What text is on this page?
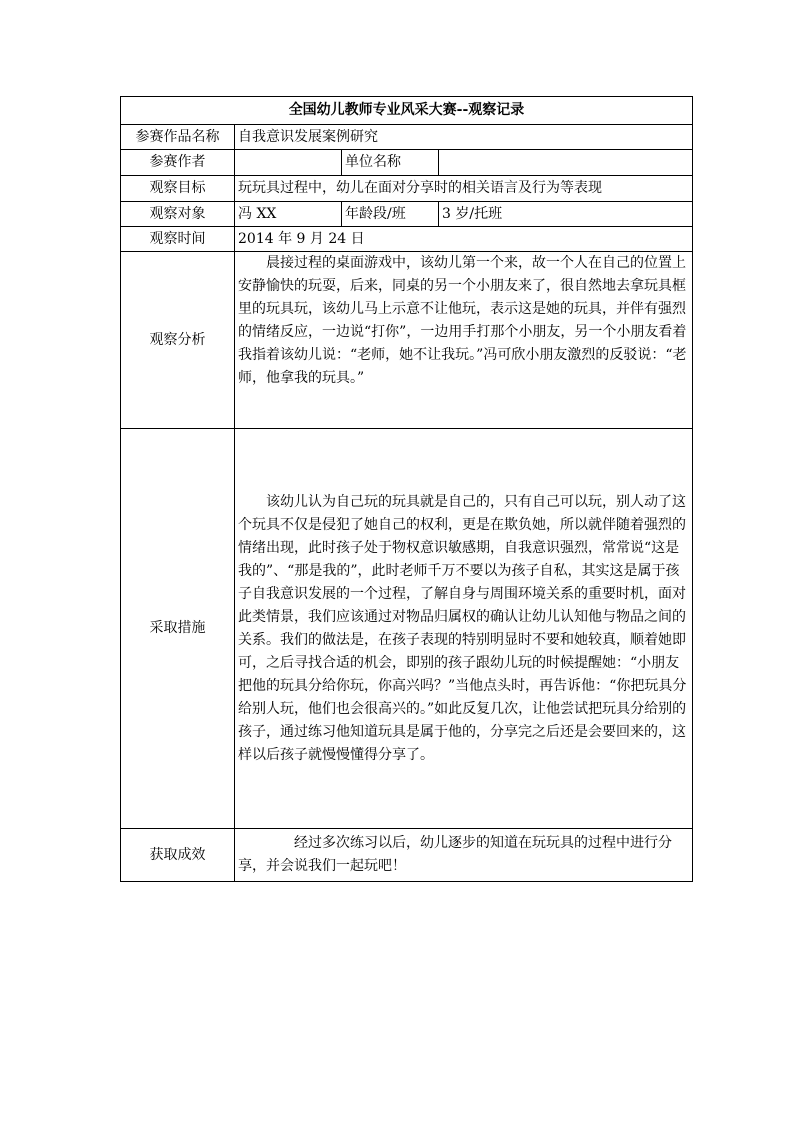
全国幼儿教师专业风采大赛--观察记录			
参赛作品名称	自我意识发展案例研究		
参赛作者		单位名称	
观察目标	玩玩具过程中，幼儿在面对分享时的相关语言及行为等表现		
观察对象	冯 XX	年龄段/班	3 岁/托班
观察时间	2014 年 9 月 24 日		
观察分析	晨接过程的桌面游戏中，该幼儿第一个来，故一个人在自己的位置上安静愉快的玩耍，后来，同桌的另一个小朋友来了，很自然地去拿玩具框里的玩具玩，该幼儿马上示意不让他玩，表示这是她的玩具，并伴有强烈的情绪反应，一边说“打你”，一边用手打那个小朋友，另一个小朋友看着我指着该幼儿说：“老师，她不让我玩。”冯可欣小朋友激烈的反驳说：“老师，他拿我的玩具。”		

采取措施	该幼儿认为自己玩的玩具就是自己的，只有自己可以玩，别人动了这个玩具不仅是侵犯了她自己的权利，更是在欺负她，所以就伴随着强烈的情绪出现，此时孩子处于物权意识敏感期，自我意识强烈，常常说“这是我的”、“那是我的”，此时老师千万不要以为孩子自私，其实这是属于孩子自我意识发展的一个过程，了解自身与周围环境关系的重要时机，面对此类情景，我们应该通过对物品归属权的确认让幼儿认知他与物品之间的关系。我们的做法是，在孩子表现的特别明显时不要和她较真，顺着她即可，之后寻找合适的机会，即别的孩子跟幼儿玩的时候提醒她：“小朋友把他的玩具分给你玩，你高兴吗？”当他点头时，再告诉他：“你把玩具分给别人玩，他们也会很高兴的。”如此反复几次，让他尝试把玩具分给别的孩子，通过练习他知道玩具是属于他的，分享完之后还是会要回来的，这样以后孩子就慢慢懂得分享了。		

获取成效	经过多次练习以后，幼儿逐步的知道在玩玩具的过程中进行分享，并会说我们一起玩吧！		
